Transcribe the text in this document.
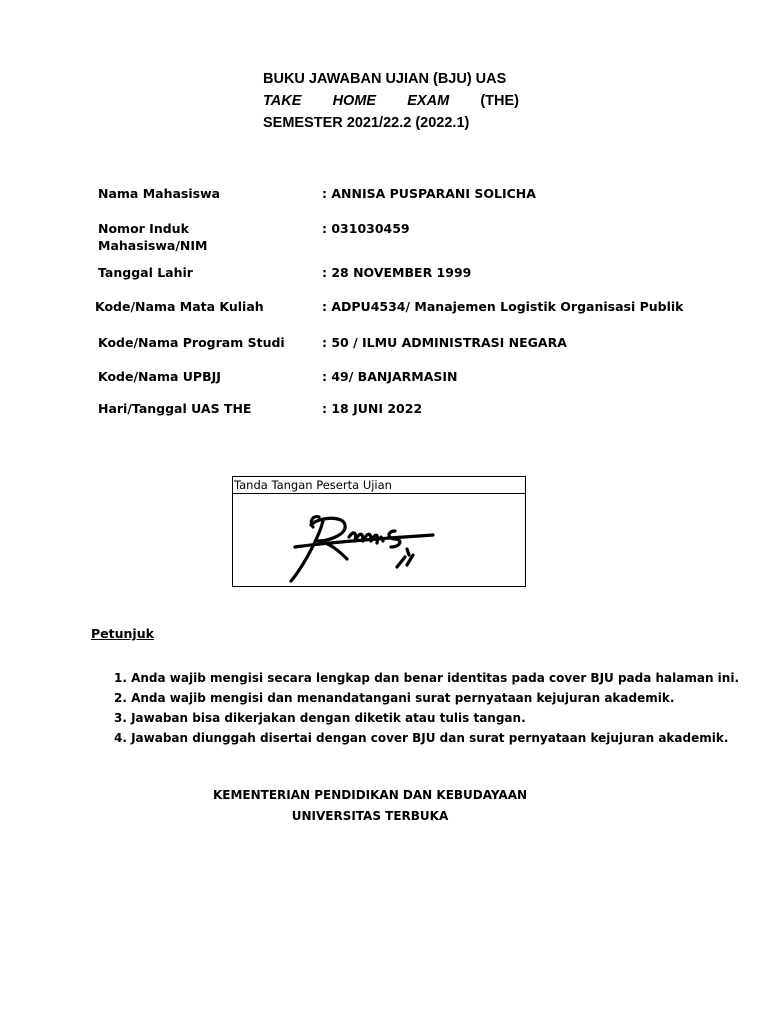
BUKU JAWABAN UJIAN (BJU) UAS
TAKE HOME EXAM (THE)
SEMESTER 2021/22.2 (2022.1)
Nama Mahasiswa	: ANNISA PUSPARANI SOLICHA
Nomor Induk Mahasiswa/NIM
: 031030459
Tanggal Lahir	: 28 NOVEMBER 1999
Kode/Nama Mata Kuliah	: ADPU4534/ Manajemen Logistik Organisasi Publik
Kode/Nama Program Studi	: 50 / ILMU ADMINISTRASI NEGARA
Kode/Nama UPBJJ	: 49/ BANJARMASIN
Hari/Tanggal UAS THE	: 18 JUNI 2022
Tanda Tangan Peserta Ujian
Petunjuk
1. Anda wajib mengisi secara lengkap dan benar identitas pada cover BJU pada halaman ini.
2. Anda wajib mengisi dan menandatangani surat pernyataan kejujuran akademik.
3. Jawaban bisa dikerjakan dengan diketik atau tulis tangan.
4. Jawaban diunggah disertai dengan cover BJU dan surat pernyataan kejujuran akademik.
KEMENTERIAN PENDIDIKAN DAN KEBUDAYAAN
UNIVERSITAS TERBUKA
